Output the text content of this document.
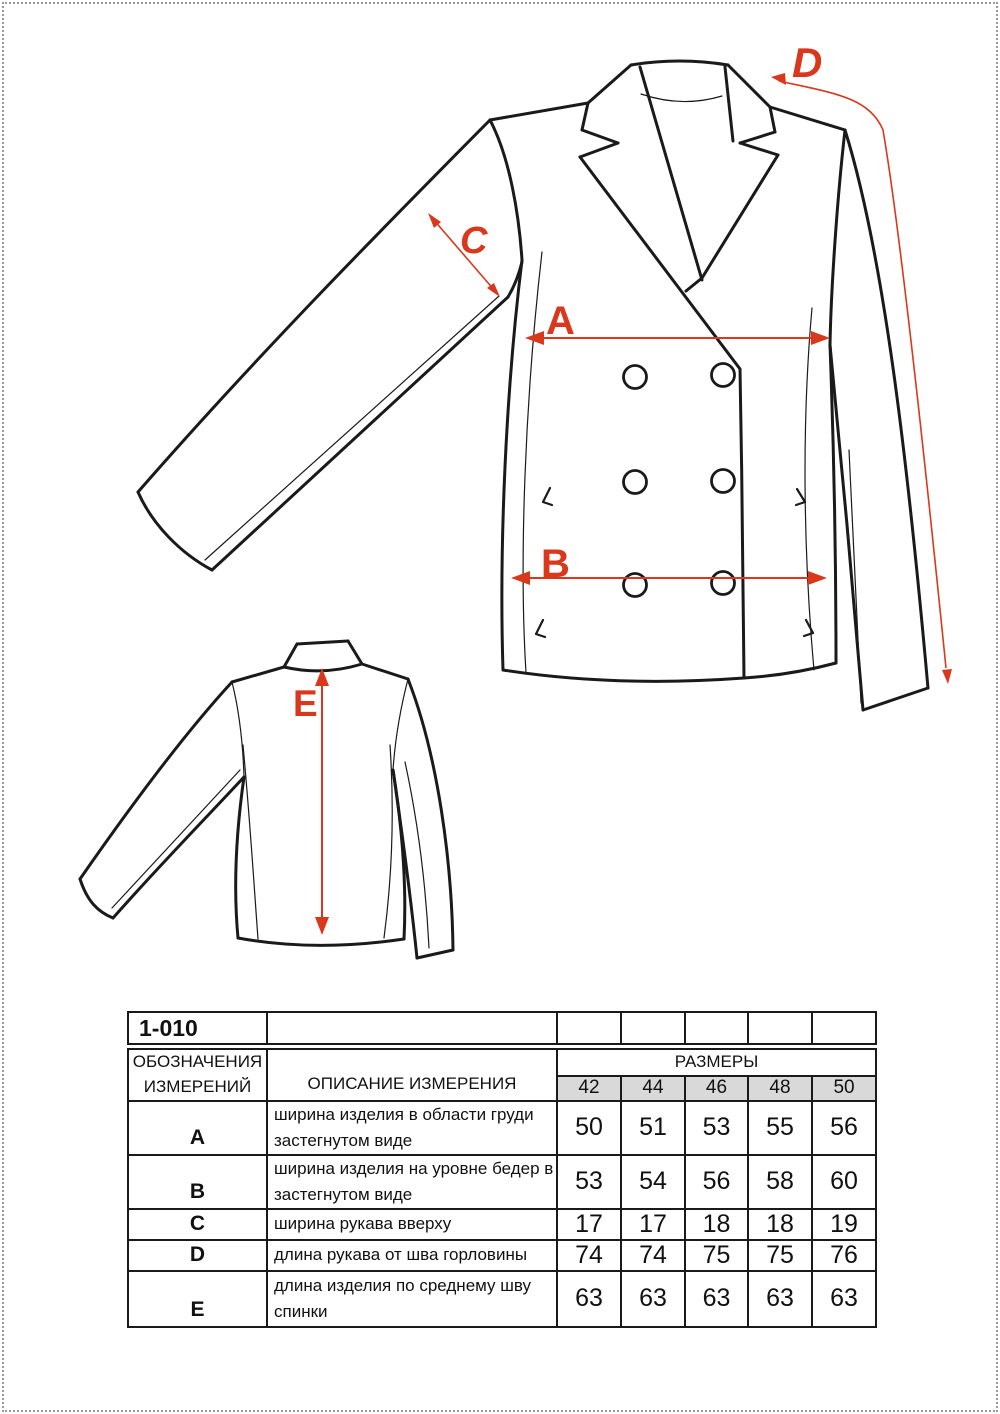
A
B
C
D
E
1-010						
ОБОЗНАЧЕНИЯ ИЗМЕРЕНИЙ	ОПИСАНИЕ ИЗМЕРЕНИЯ	РАЗМЕРЫ				
		42	44	46	48	50
A	ширина изделия в области груди застегнутом виде	50	51	53	55	56
B	ширина изделия на уровне бедер в застегнутом виде	53	54	56	58	60
C	ширина рукава вверху	17	17	18	18	19
D	длина рукава от шва горловины	74	74	75	75	76
E	длина изделия по среднему шву спинки	63	63	63	63	63
